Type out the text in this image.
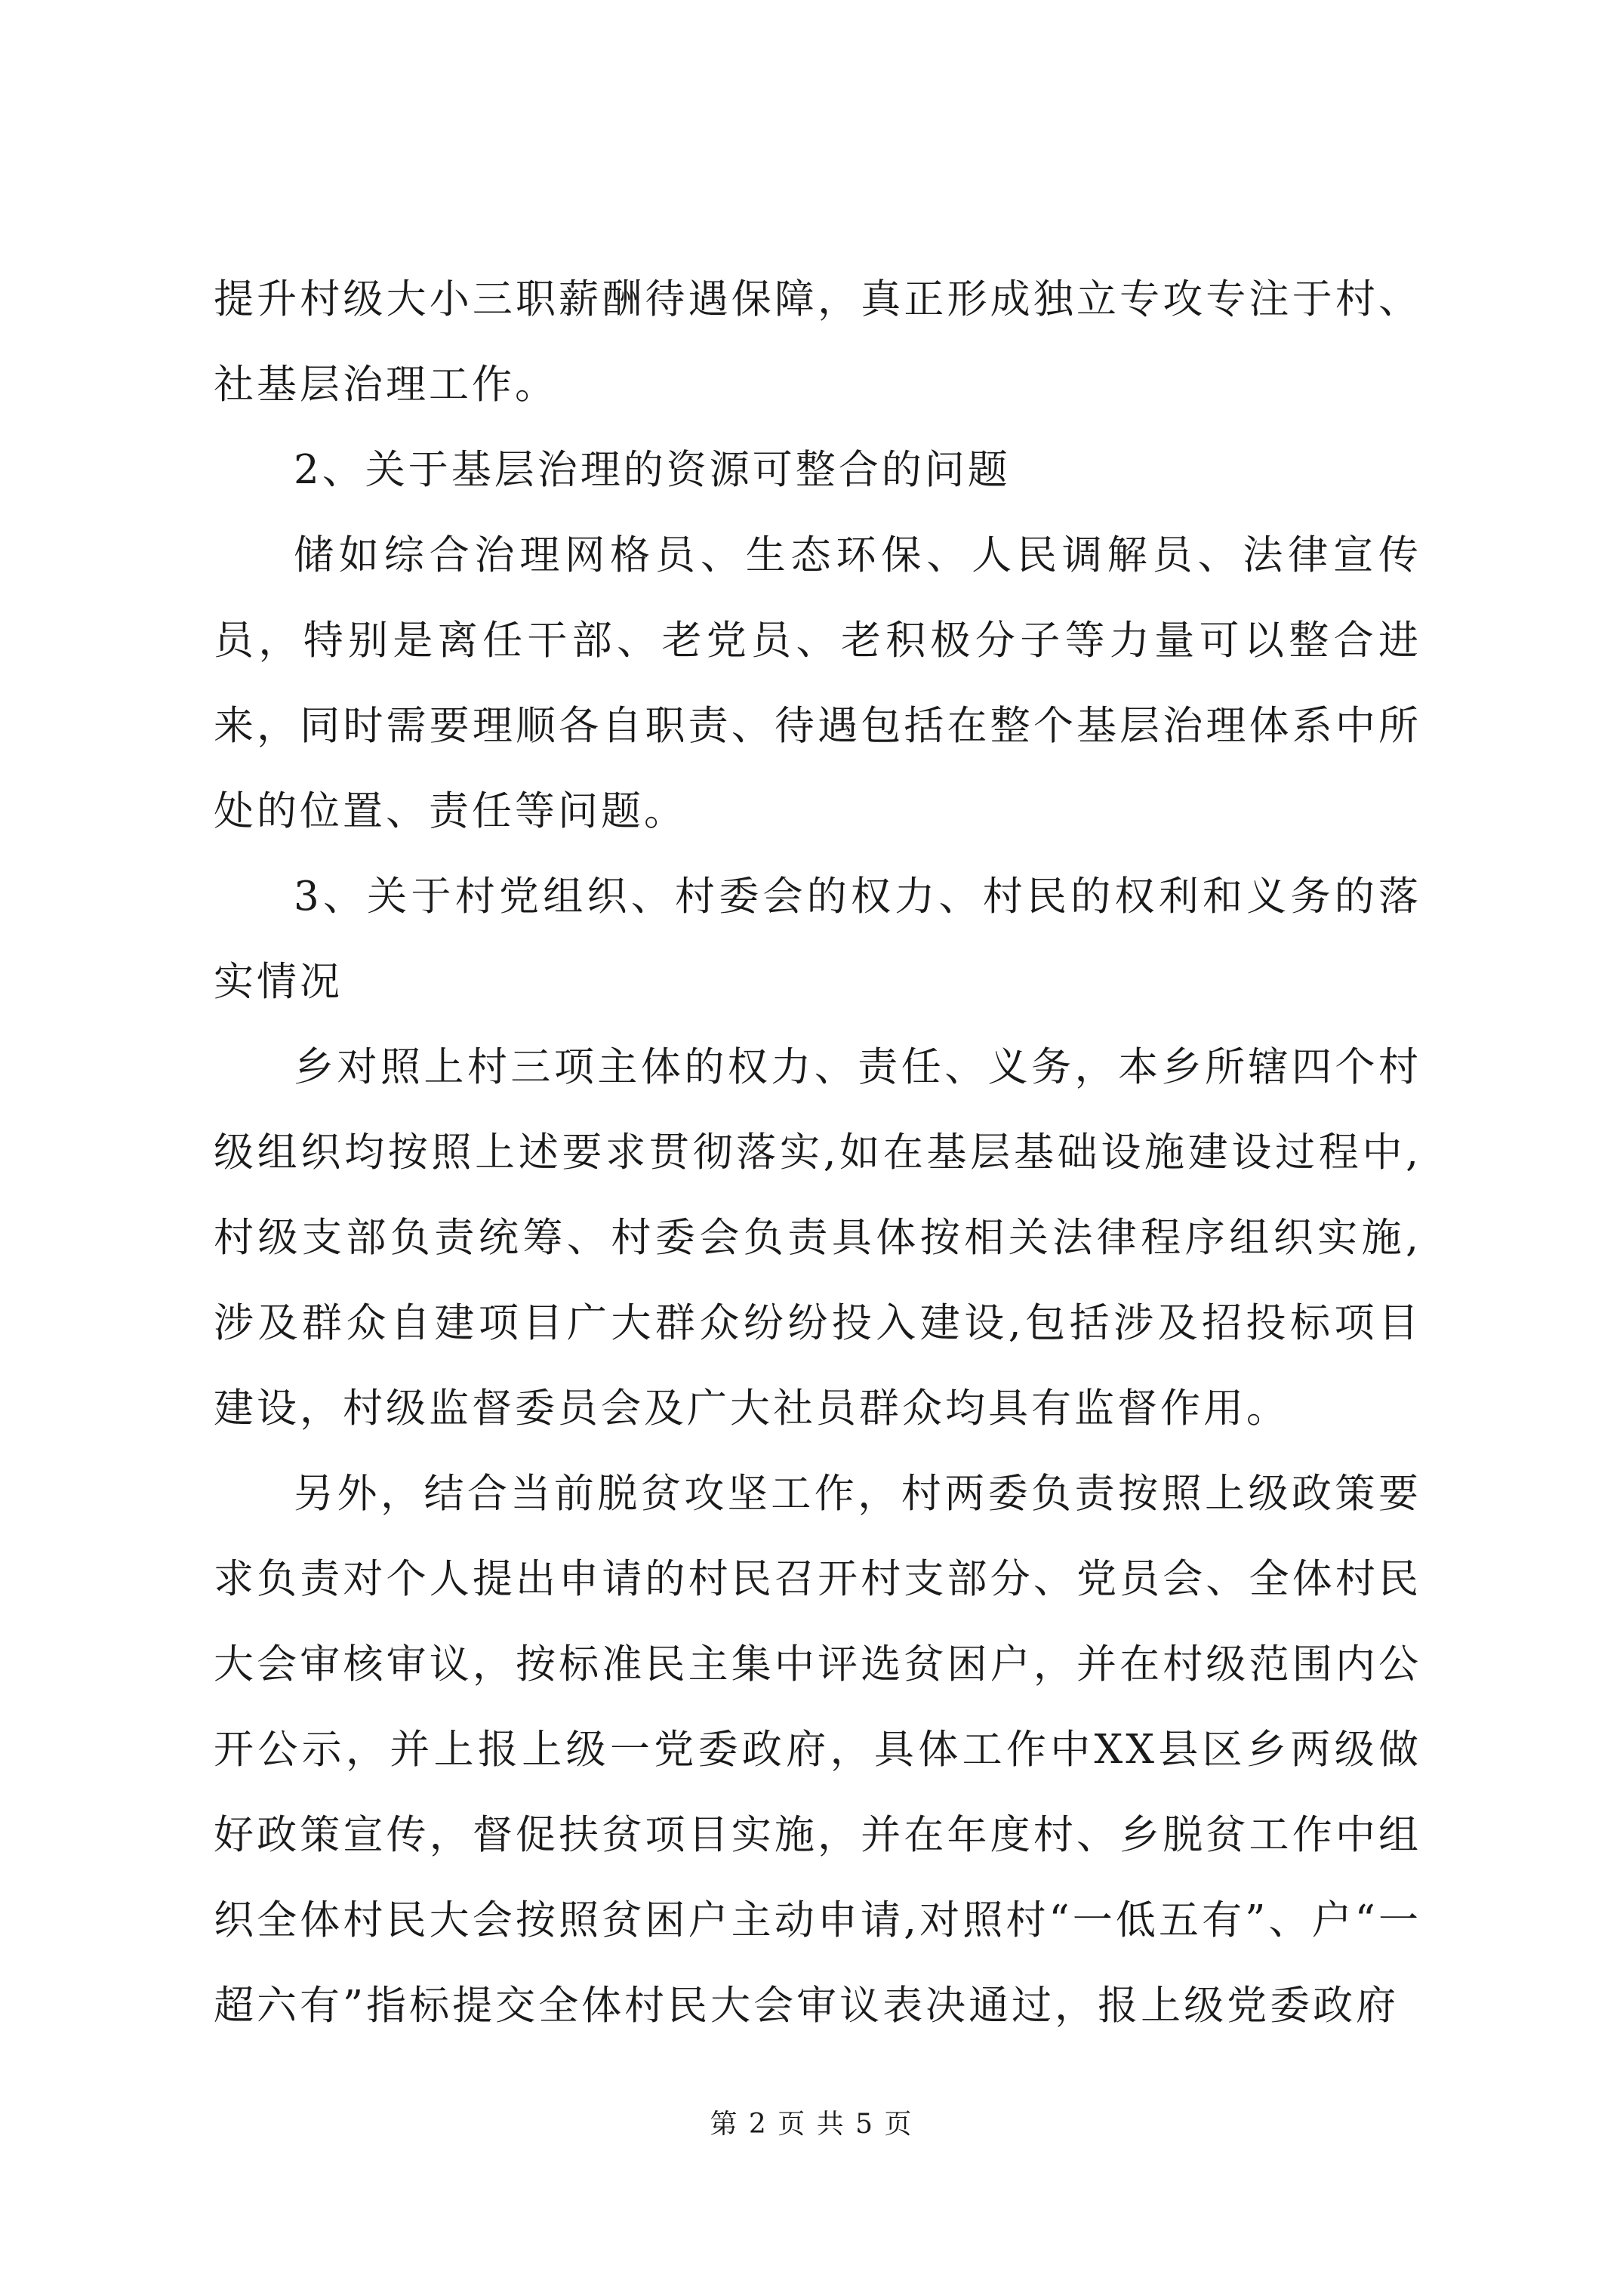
提升村级大小三职薪酬待遇保障，真正形成独立专攻专注于村、社基层治理工作。

2、关于基层治理的资源可整合的问题

储如综合治理网格员、生态环保、人民调解员、法律宣传员，特别是离任干部、老党员、老积极分子等力量可以整合进来，同时需要理顺各自职责、待遇包括在整个基层治理体系中所处的位置、责任等问题。

3、关于村党组织、村委会的权力、村民的权利和义务的落实情况

乡对照上村三项主体的权力、责任、义务，本乡所辖四个村级组织均按照上述要求贯彻落实,如在基层基础设施建设过程中,村级支部负责统筹、村委会负责具体按相关法律程序组织实施,涉及群众自建项目广大群众纷纷投入建设,包括涉及招投标项目建设，村级监督委员会及广大社员群众均具有监督作用。

另外，结合当前脱贫攻坚工作，村两委负责按照上级政策要求负责对个人提出申请的村民召开村支部分、党员会、全体村民大会审核审议，按标准民主集中评选贫困户，并在村级范围内公开公示，并上报上级一党委政府，具体工作中XX县区乡两级做好政策宣传，督促扶贫项目实施，并在年度村、乡脱贫工作中组织全体村民大会按照贫困户主动申请,对照村“一低五有”、户“一超六有”指标提交全体村民大会审议表决通过，报上级党委政府

第 2 页 共 5 页
